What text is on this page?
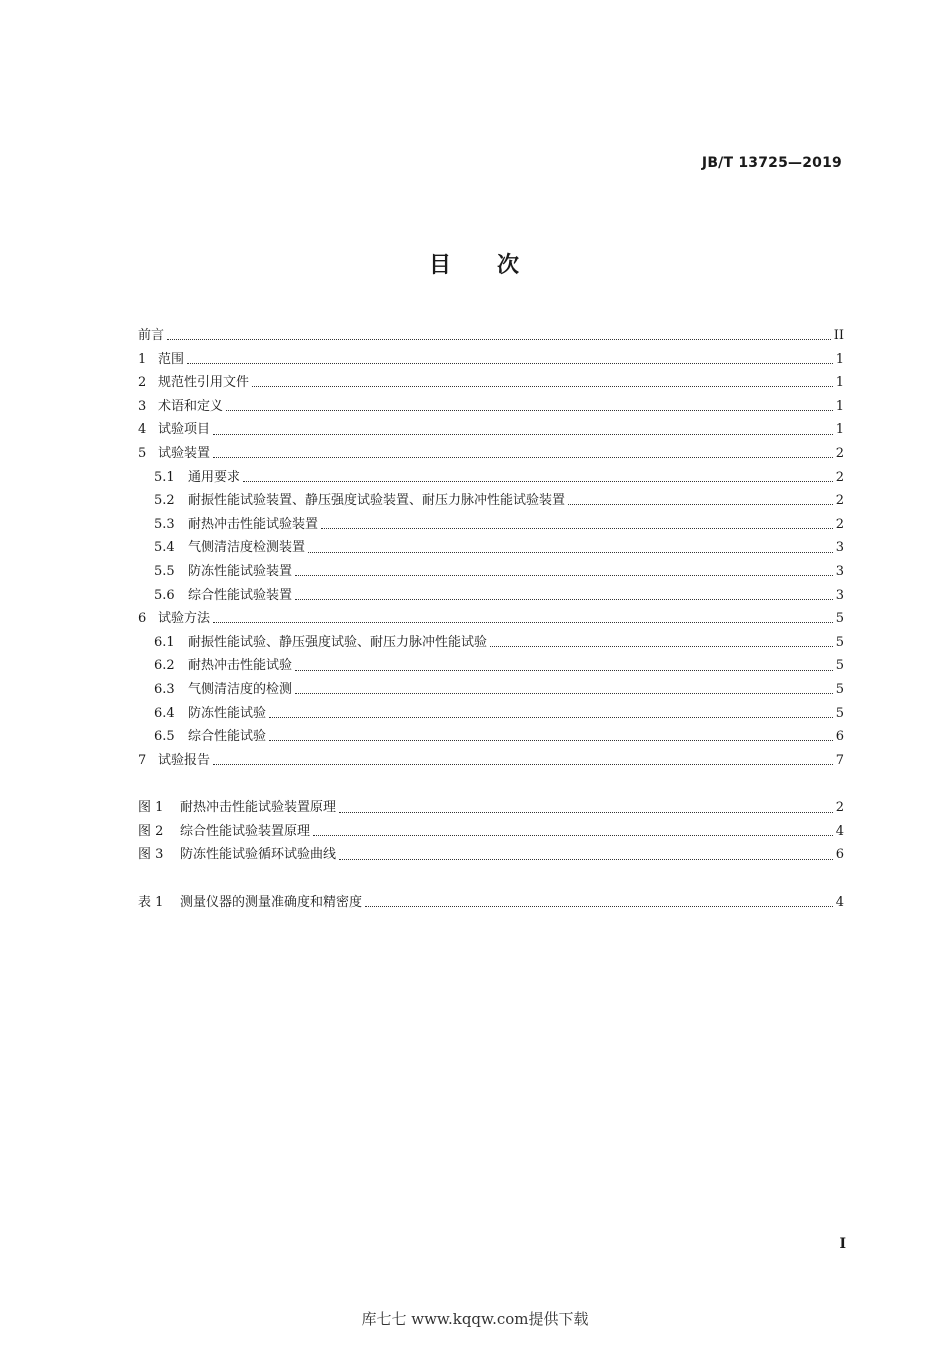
JB/T 13725—2019
目 次
前言	II
1 范围	1
2 规范性引用文件	1
3 术语和定义	1
4 试验项目	1
5 试验装置	2
5.1	通用要求	2
5.2	耐振性能试验装置、静压强度试验装置、耐压力脉冲性能试验装置	2
5.3	耐热冲击性能试验装置	2
5.4	气侧清洁度检测装置	3
5.5	防冻性能试验装置	3
5.6	综合性能试验装置	3
6 试验方法	5
6.1	耐振性能试验、静压强度试验、耐压力脉冲性能试验	5
6.2	耐热冲击性能试验	5
6.3	气侧清洁度的检测	5
6.4	防冻性能试验	5
6.5	综合性能试验	6
7 试验报告	7
图 1	耐热冲击性能试验装置原理	2
图 2	综合性能试验装置原理	4
图 3	防冻性能试验循环试验曲线	6
表 1	测量仪器的测量准确度和精密度	4
I
库七七 www.kqqw.com提供下载
